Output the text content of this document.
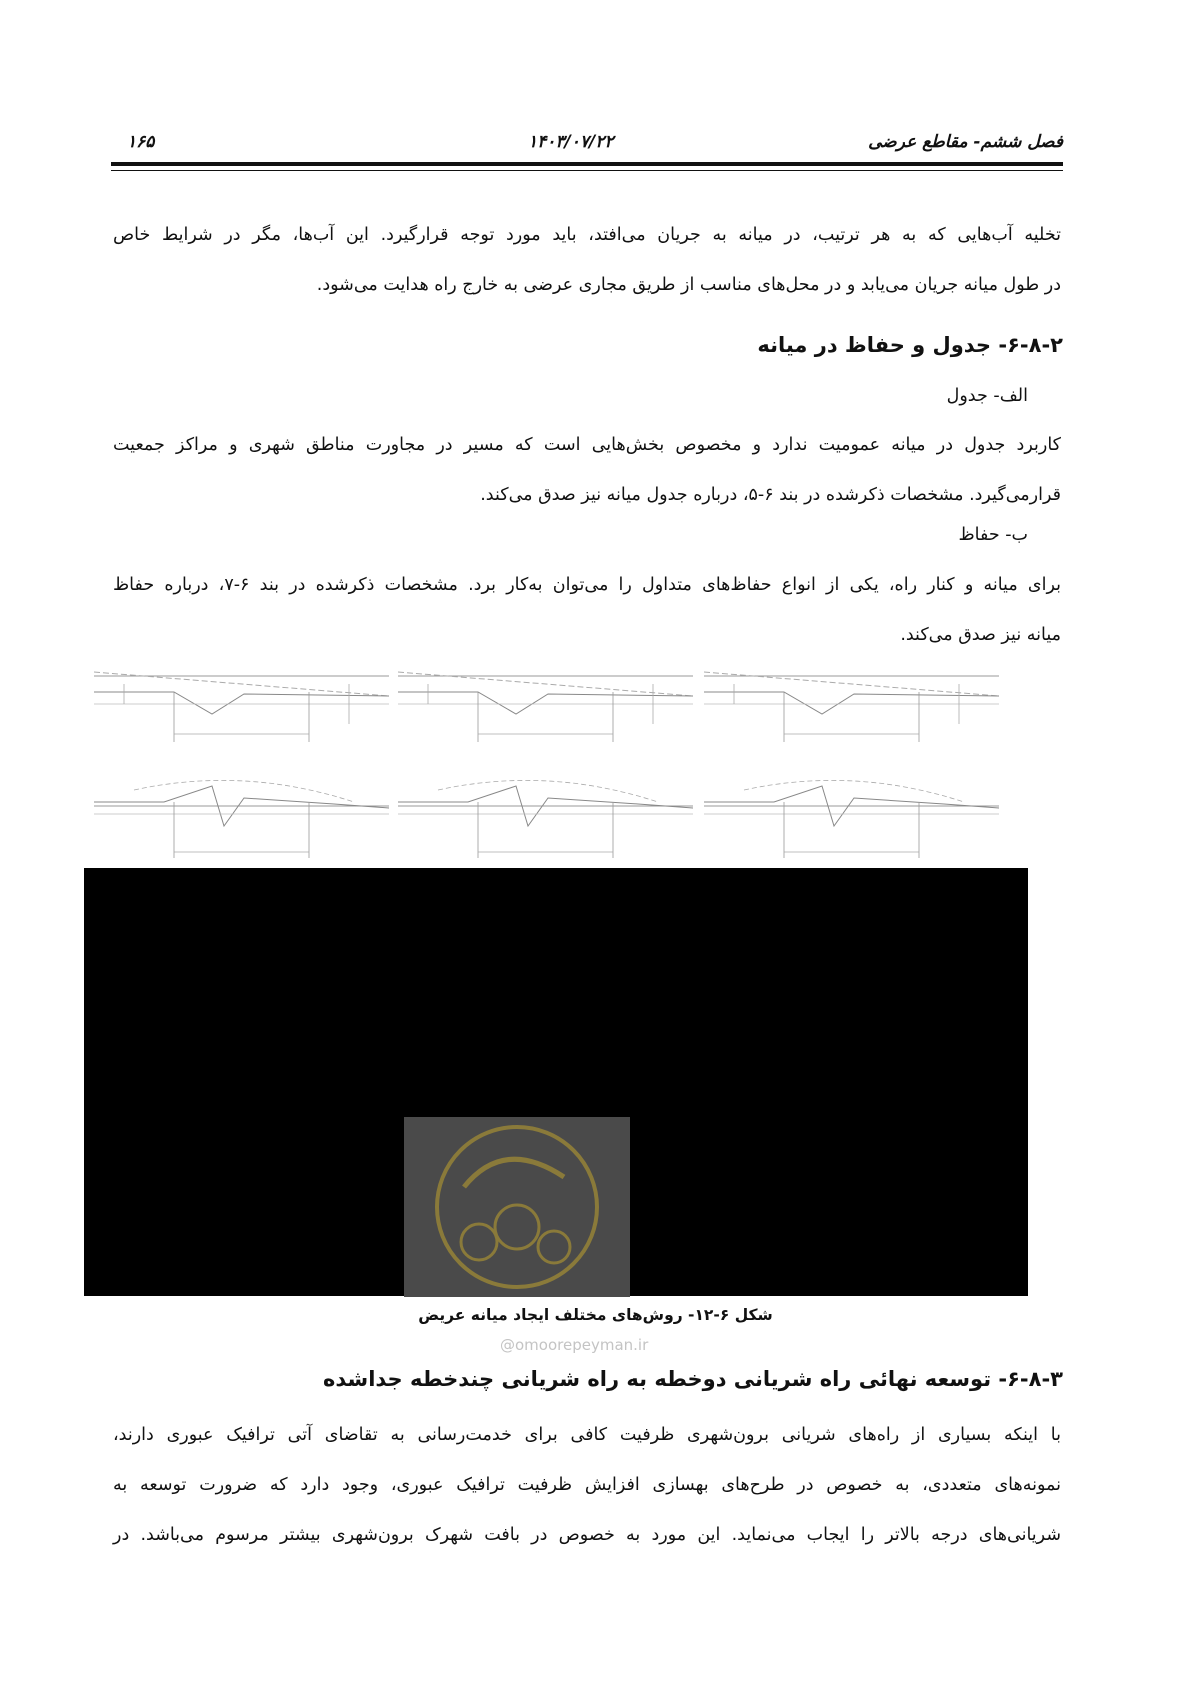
فصل ششم- مقاطع عرضی
۱۴۰۳/۰۷/۲۲
۱۶۵
تخلیه آب‌هایی که به هر ترتیب، در میانه به جریان می‌افتد، باید مورد توجه قرارگیرد. این آب‌ها، مگر در شرایط خاص
در طول میانه جریان می‌یابد و در محل‌های مناسب از طریق مجاری عرضی به خارج راه هدایت می‌شود.
۶-۸-۲- جدول و حفاظ در میانه
الف- جدول
کاربرد جدول در میانه عمومیت ندارد و مخصوص بخش‌هایی است که مسیر در مجاورت مناطق شهری و مراکز جمعیت
قرارمی‌گیرد. مشخصات ذکرشده در بند ۶-۵، درباره جدول میانه نیز صدق می‌کند.
ب- حفاظ
برای میانه و کنار راه، یکی از انواع حفاظ‌های متداول را می‌توان به‌کار برد. مشخصات ذکرشده در بند ۶-۷، درباره حفاظ
میانه نیز صدق می‌کند.
شکل ۶-۱۲- روش‌های مختلف ایجاد میانه عریض
@omoorepeyman.ir
۶-۸-۳- توسعه نهائی راه شریانی دوخطه به راه شریانی چندخطه جداشده
با اینکه بسیاری از راه‌های شریانی برون‌شهری ظرفیت کافی برای خدمت‌رسانی به تقاضای آتی ترافیک عبوری دارند،
نمونه‌های متعددی، به خصوص در طرح‌های بهسازی افزایش ظرفیت ترافیک عبوری، وجود دارد که ضرورت توسعه به
شریانی‌های درجه بالاتر را ایجاب می‌نماید. این مورد به خصوص در بافت شهرک برون‌شهری بیشتر مرسوم می‌باشد. در
